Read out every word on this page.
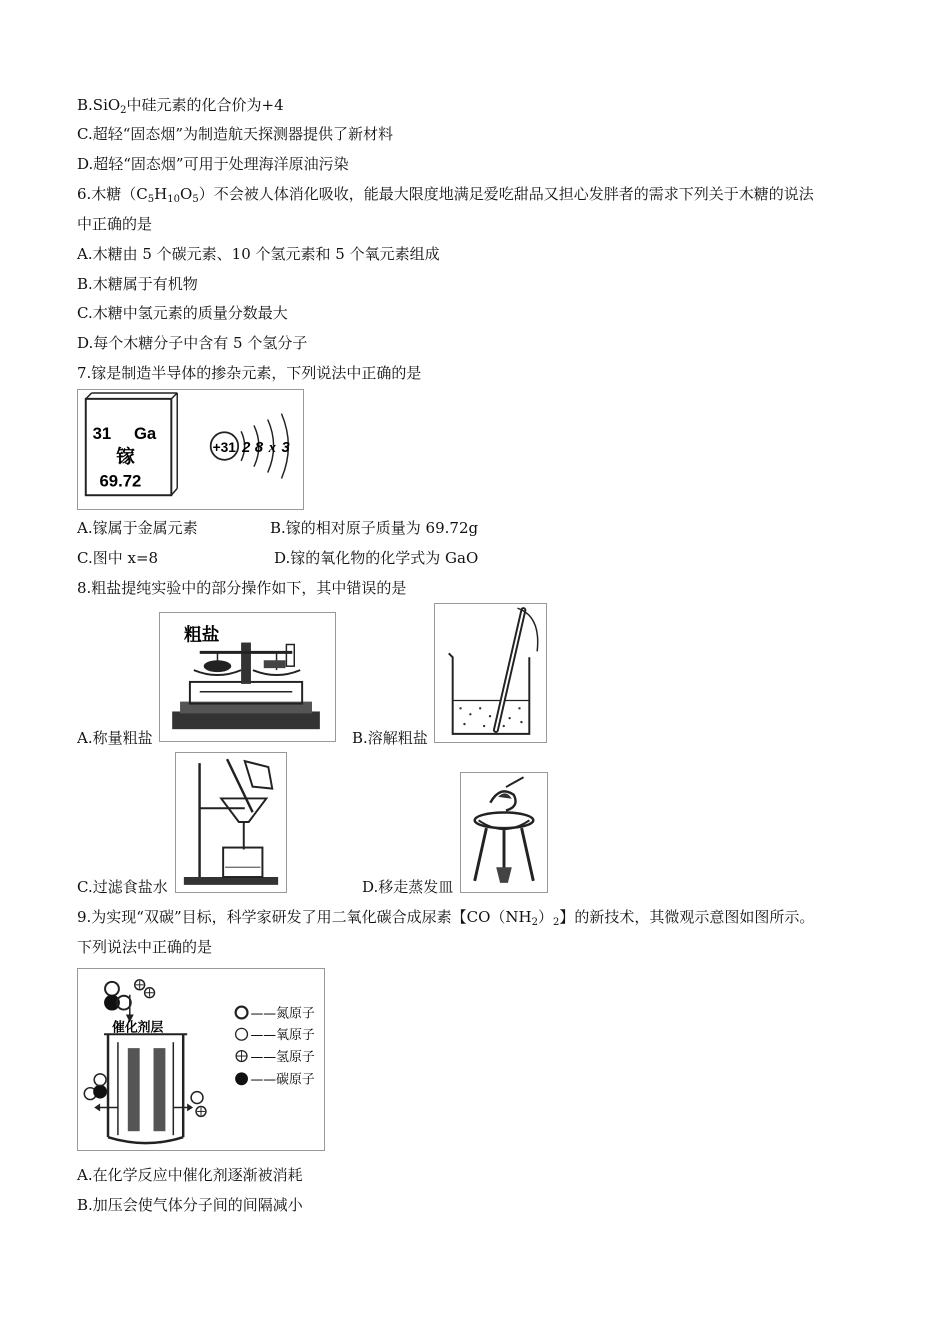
B.SiO$_2$中硅元素的化合价为+4
C.超轻“固态烟”为制造航天探测器提供了新材料
D.超轻“固态烟”可用于处理海洋原油污染
6.木糖$(C_5H_{10}O_5)$不会被人体消化吸收，能最大限度地满足爱吃甜品又担心发胖者的需求下列关于木糖的说法
中正确的是
A.木糖由 5 个碳元素、10 个氢元素和 5 个氧元素组成
B.木糖属于有机物
C.木糖中氢元素的质量分数最大
D.每个木糖分子中含有 5 个氢分子
7.镓是制造半导体的掺杂元素，下列说法中正确的是
31 Ga
镓
69.72
+31 2 8 x 3
A.镓属于金属元素	B.镓的相对原子质量为 69.72g
C.图中 x=8	D.镓的氧化物的化学式为 GaO
8.粗盐提纯实验中的部分操作如下，其中错误的是
A.称量粗盐
粗盐
B.溶解粗盐
C.过滤食盐水	D.移走蒸发皿
9.为实现“双碳”目标，科学家研发了用二氧化碳合成尿素【$CO(NH_2)_2$】的新技术，其微观示意图如图所示。
下列说法中正确的是
催化剂层
——氮原子
——氧原子
——氢原子
——碳原子
A.在化学反应中催化剂逐渐被消耗
B.加压会使气体分子间的间隔减小
